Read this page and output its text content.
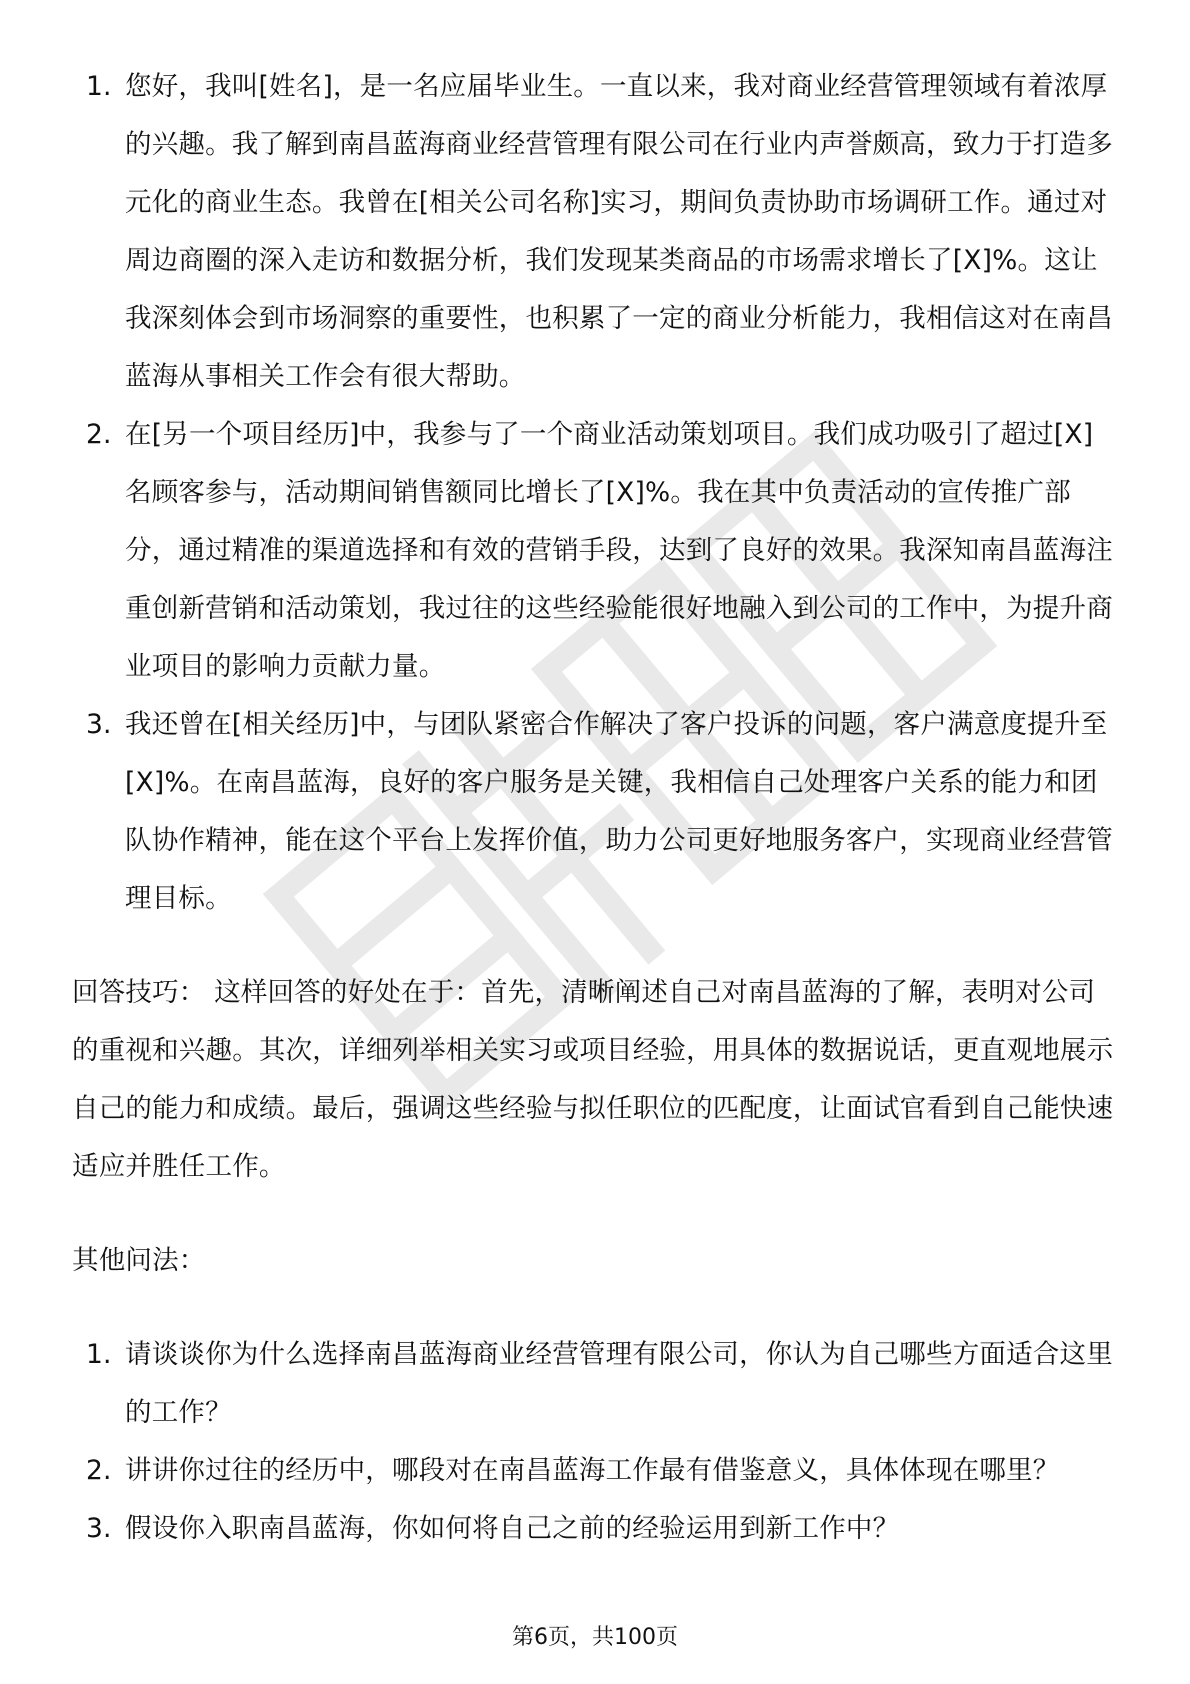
1. 您好，我叫[姓名]，是一名应届毕业生。一直以来，我对商业经营管理领域有着浓厚的兴趣。我了解到南昌蓝海商业经营管理有限公司在行业内声誉颇高，致力于打造多元化的商业生态。我曾在[相关公司名称]实习，期间负责协助市场调研工作。通过对周边商圈的深入走访和数据分析，我们发现某类商品的市场需求增长了[X]%。这让我深刻体会到市场洞察的重要性，也积累了一定的商业分析能力，我相信这对在南昌蓝海从事相关工作会有很大帮助。
2. 在[另一个项目经历]中，我参与了一个商业活动策划项目。我们成功吸引了超过[X]名顾客参与，活动期间销售额同比增长了[X]%。我在其中负责活动的宣传推广部分，通过精准的渠道选择和有效的营销手段，达到了良好的效果。我深知南昌蓝海注重创新营销和活动策划，我过往的这些经验能很好地融入到公司的工作中，为提升商业项目的影响力贡献力量。
3. 我还曾在[相关经历]中，与团队紧密合作解决了客户投诉的问题，客户满意度提升至[X]%。在南昌蓝海，良好的客户服务是关键，我相信自己处理客户关系的能力和团队协作精神，能在这个平台上发挥价值，助力公司更好地服务客户，实现商业经营管理目标。
回答技巧： 这样回答的好处在于：首先，清晰阐述自己对南昌蓝海的了解，表明对公司的重视和兴趣。其次，详细列举相关实习或项目经验，用具体的数据说话，更直观地展示自己的能力和成绩。最后，强调这些经验与拟任职位的匹配度，让面试官看到自己能快速适应并胜任工作。
其他问法：
1. 请谈谈你为什么选择南昌蓝海商业经营管理有限公司，你认为自己哪些方面适合这里的工作？
2. 讲讲你过往的经历中，哪段对在南昌蓝海工作最有借鉴意义，具体体现在哪里？
3. 假设你入职南昌蓝海，你如何将自己之前的经验运用到新工作中？
第6页，共100页
